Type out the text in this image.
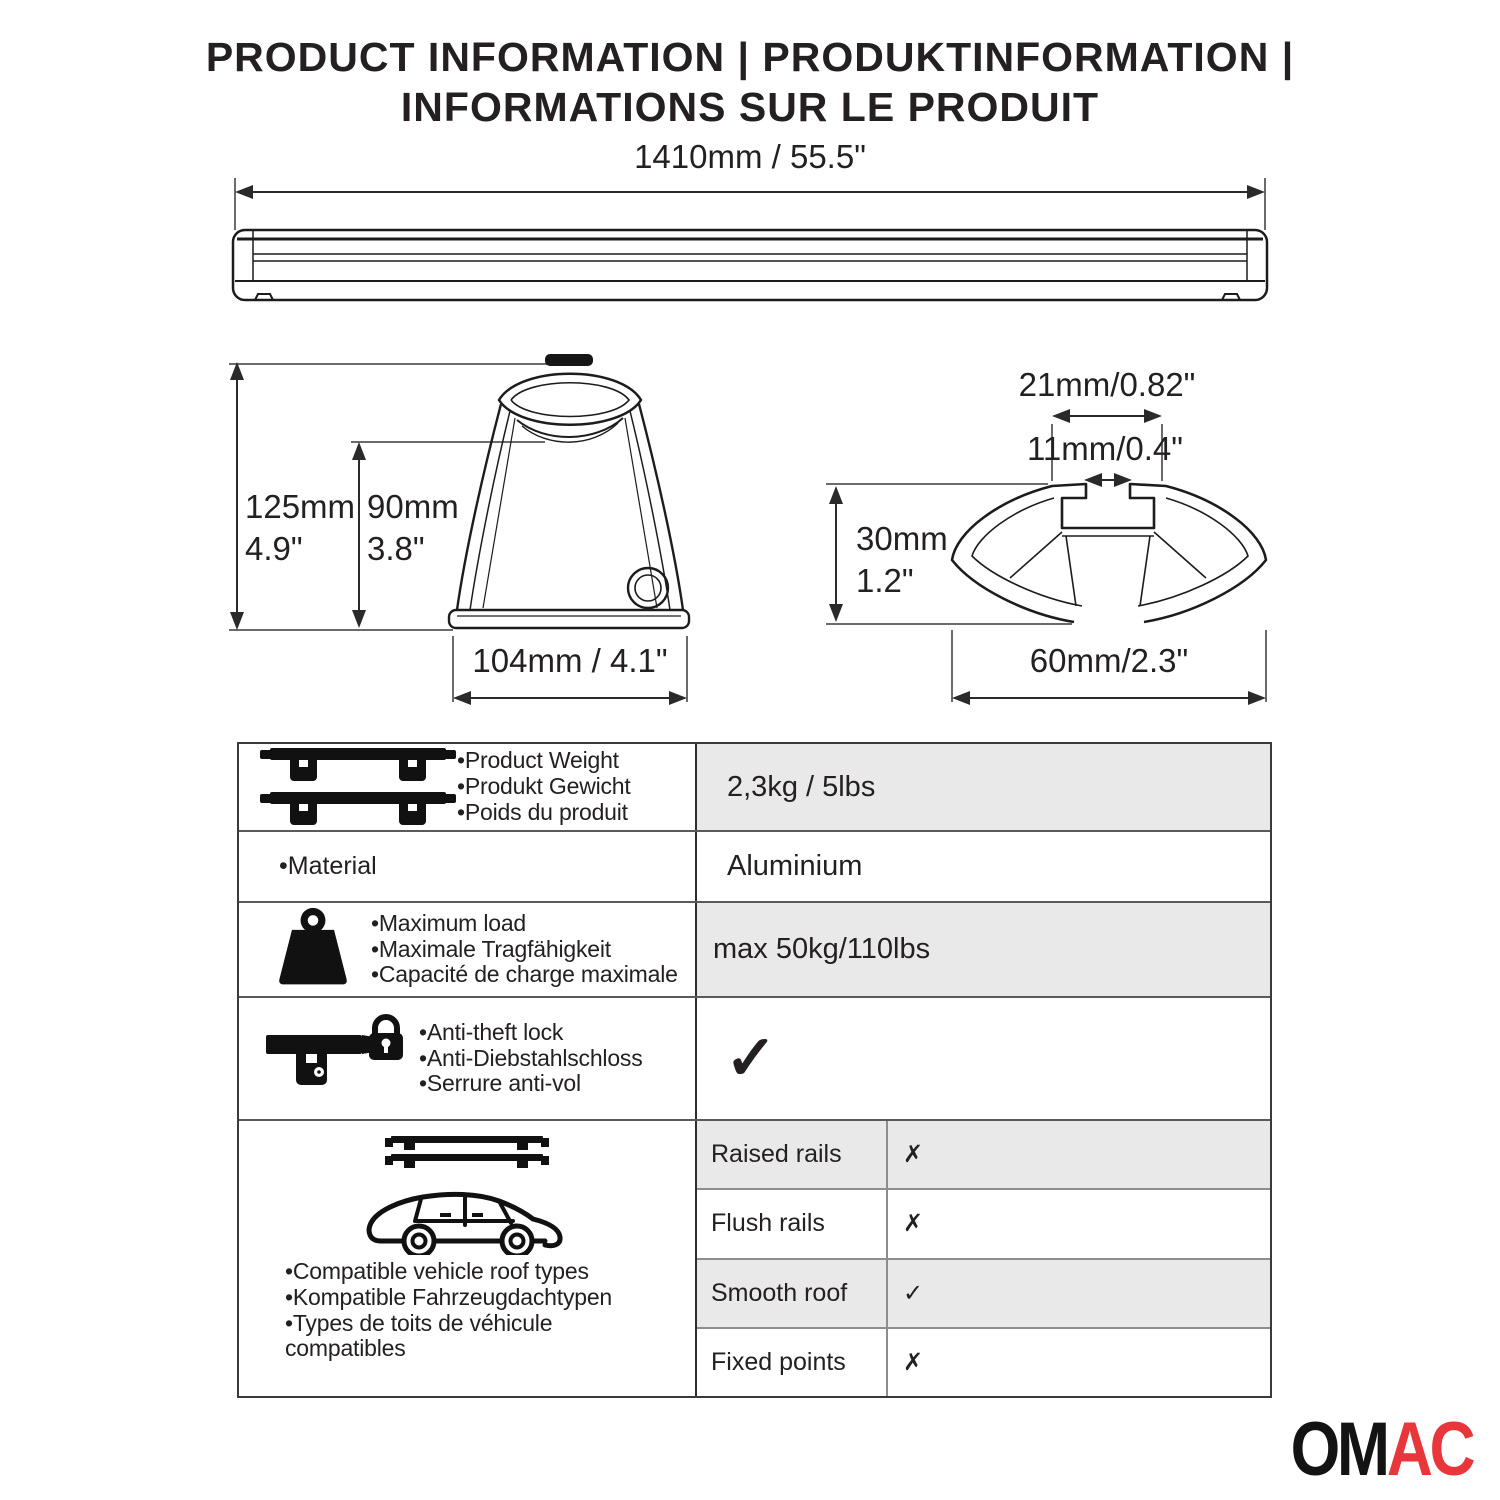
PRODUCT INFORMATION | PRODUKTINFORMATION |
INFORMATIONS SUR LE PRODUIT
1410mm / 55.5"
125mm
4.9"
90mm
3.8"
104mm / 4.1"
21mm/0.82"
11mm/0.4"
30mm
1.2"
60mm/2.3"
•Product Weight
•Produkt Gewicht
•Poids du produit
2,3kg / 5lbs
•Material	Aluminium
•Maximum load
•Maximale Tragfähigkeit
•Capacité de charge maximale
max 50kg/110lbs
•Anti-theft lock
•Anti-Diebstahlschloss
•Serrure anti-vol	✓
•Compatible vehicle roof types
•Kompatible Fahrzeugdachtypen
•Types de toits de véhicule compatibles
Raised rails	✗
Flush rails	✗
Smooth roof	✓
Fixed points	✗
OMAC
